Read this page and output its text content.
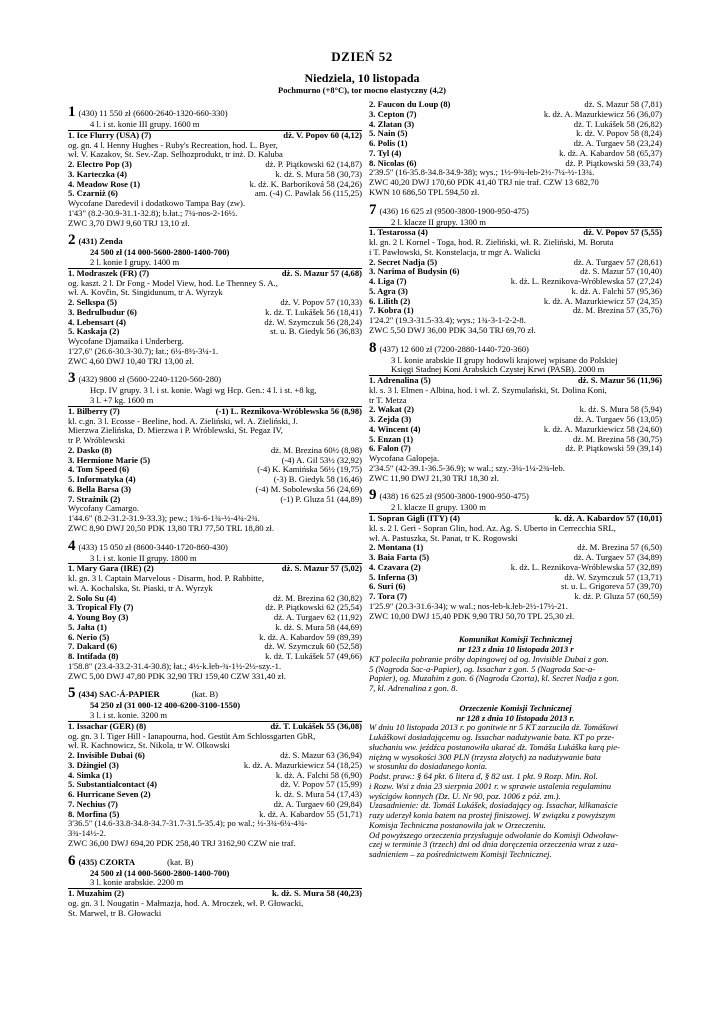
DZIEŃ 52
Niedziela, 10 listopada
Pochmurno (+8°C), tor mocno elastyczny (4,2)
1 (430) 11 550 zł (6600-2640-1320-660-330)
4 l. i st. konie III grupy. 1600 m
1. Ice Flurry (USA) (7)	dż. V. Popov 60 (4,12)
og. gn. 4 l. Henny Hughes - Ruby's Recreation, hod. L. Byer,
wł. V. Kazakov, St. Sev.-Zap. Selhozprodukt, tr inż. D. Kaluba
2. Electro Pop (3)	dż. P. Piątkowski 62 (14,87)
3. Karteczka (4)	k. dż. S. Mura 58 (30,73)
4. Meadow Rose (1)	k. dż. K. Barboriková 58 (24,26)
5. Czarniż (6)	am. (-4) C. Pawlak 56 (115,25)
Wycofane Daredevil i dodatkowo Tampa Bay (zw).
1'43" (8.2-30.9-31.1-32.8); b.łat.; 7¼-nos-2-16½.
ZWC 3,70 DWJ 9,60 TRJ 13,10 zł.
2 (431) Zenda
24 500 zł (14 000-5600-2800-1400-700)
2 l. konie I grupy. 1400 m
1. Modraszek (FR) (7)	dż. S. Mazur 57 (4,68)
og. kaszt. 2 l. Dr Fong - Model View, hod. Le Thenney S. A.,
wł. A. Kovčin, St. Singidunum, tr A. Wyrzyk
2. Selkspa (5)	dż. V. Popov 57 (10,33)
3. Bedrulbudur (6)	k. dż. T. Lukášek 56 (18,41)
4. Lebensart (4)	dż. W. Szymczuk 56 (28,24)
5. Kaskaja (2)	st. u. B. Giedyk 56 (36,83)
Wycofane Djamaika i Underberg.
1'27,6" (26.6-30.3-30.7); łat.; 6¼-8½-3¼-1.
ZWC 4,60 DWJ 10,40 TRJ 13,00 zł.
3 (432) 9800 zł (5600-2240-1120-560-280)
Hcp. IV grupy. 3 l. i st. konie. Wagi wg Hcp. Gen.: 4 l. i st. +8 kg,
3 l. +7 kg. 1600 m
1. Bilberry (7)	(-1) L. Reznikova-Wróblewska 56 (8,98)
kl. c.gn. 3 l. Ecosse - Beeline, hod. A. Zieliński, wł. A. Zieliński, J.
Mierzwa Zielińska, D. Mierzwa i P. Wróblewski, St. Pegaz IV,
tr P. Wróblewski
2. Dasko (8)	dż. M. Brezina 60½ (8,98)
3. Hermione Marie (5)	(-4) A. Gil 53½ (32,92)
4. Tom Speed (6)	(-4) K. Kamińska 56½ (19,75)
5. Informatyka (4)	(-3) B. Giedyk 58 (16,46)
6. Bella Barsa (3)	(-4) M. Sobolewska 56 (24,69)
7. Strażnik (2)	(-1) P. Gluza 51 (44,89)
Wycofany Camargo.
1'44.6" (8.2-31.2-31.9-33.3); pew.; 1¾-6-1¾-½-4¾-2¾.
ZWC 8,90 DWJ 20,50 PDK 13,80 TRJ 77,50 TRL 18,80 zł.
4 (433) 15 050 zł (8600-3440-1720-860-430)
3 l. i st. konie II grupy. 1800 m
1. Mary Gara (IRE) (2)	dż. S. Mazur 57 (5,02)
kl. gn. 3 l. Captain Marvelous - Disarm, hod. P. Rabbitte,
wł. A. Kochalska, St. Piaski, tr A. Wyrzyk
2. Solo Su (4)	dż. M. Brezina 62 (30,82)
3. Tropical Fly (7)	dż. P. Piątkowski 62 (25,54)
4. Young Boy (3)	dż. A. Turgaev 62 (11,92)
5. Jałta (1)	k. dż. S. Mura 58 (44,69)
6. Nerio (5)	k. dż. A. Kabardov 59 (89,39)
7. Dakard (6)	dż. W. Szymczuk 60 (52,58)
8. Intifada (8)	k. dż. T. Lukášek 57 (49,66)
1'58.8" (23.4-33.2-31.4-30.8); łat.; 4½-k.łeb-¾-1½-2½-szy.-1.
ZWC 5,00 DWJ 47,80 PDK 32,90 TRJ 159,40 CZW 331,40 zł.
5 (434) SAC-Á-PAPIER	(kat. B)
54 250 zł (31 000-12 400-6200-3100-1550)
3 l. i st. konie. 3200 m
1. Issachar (GER) (8)	dż. T. Lukášek 55 (36,08)
og. gn. 3 l. Tiger Hill - Ianapourna, hod. Gestüt Am Schlossgarten GbR,
wł. R. Kachnowicz, St. Nikola, tr W. Olkowski
2. Invisible Dubai (6)	dż. S. Mazur 63 (36,94)
3. Dżingiel (3)	k. dż. A. Mazurkiewicz 54 (18,25)
4. Simka (1)	k. dż. A. Falchi 58 (6,90)
5. Substantialcontact (4)	dż. V. Popov 57 (15,99)
6. Hurricane Seven (2)	k. dż. S. Mura 54 (17,43)
7. Nechius (7)	dż. A. Turgaev 60 (29,84)
8. Morfina (5)	k. dż. A. Kabardov 55 (51,71)
3'36.5" (14.6-33.8-34.8-34.7-31.7-31.5-35.4); po wal.; ½-3¾-6¼-4¾-
3¾-14½-2.
ZWC 36,00 DWJ 694,20 PDK 258,40 TRJ 3162,90 CZW nie traf.
6 (435) CZORTA	(kat. B)
24 500 zł (14 000-5600-2800-1400-700)
3 l. konie arabskie. 2200 m
1. Muzahim (2)	k. dż. S. Mura 58 (40,23)
og. gn. 3 l. Nougatin - Małmazja, hod. A. Mroczek, wł. P. Głowacki,
St. Marwel, tr B. Głowacki
2. Faucon du Loup (8)	dż. S. Mazur 58 (7,81)
3. Cepton (7)	k. dż. A. Mazurkiewicz 56 (36,07)
4. Zlatan (3)	dż. T. Lukášek 58 (26,82)
5. Nain (5)	k. dż. V. Popov 58 (8,24)
6. Polis (1)	dż. A. Turgaev 58 (23,24)
7. Tyl (4)	k. dż. A. Kabardov 58 (65,37)
8. Nicolas (6)	dż. P. Piątkowski 59 (33,74)
2'39.5" (16-35.8-34.8-34.9-38); wys.; 1½-9¾-łeb-2½-7¼-½-13¾.
ZWC 40,20 DWJ 170,60 PDK 41,40 TRJ nie traf. CZW 13 682,70
KWN 10 686,50 TPL 594,50 zł.
7 (436) 16 625 zł (9500-3800-1900-950-475)
2 l. klacze II grupy. 1300 m
1. Testarossa (4)	dż. V. Popov 57 (5,55)
kl. gn. 2 l. Kornel - Toga, hod. R. Zieliński, wł. R. Zieliński, M. Boruta
i T. Pawłowski, St. Konstelacja, tr mgr A. Walicki
2. Secret Nadja (5)	dż. A. Turgaev 57 (28,61)
3. Narima of Budysin (6)	dż. S. Mazur 57 (10,40)
4. Liga (7)	k. dż. L. Reznikova-Wróblewska 57 (27,24)
5. Agra (3)	k. dż. A. Falchi 57 (95,36)
6. Lilith (2)	k. dż. A. Mazurkiewicz 57 (24,35)
7. Kobra (1)	dż. M. Brezina 57 (35,76)
1'24.2" (19.3-31.5-33.4); wys.; 1¾-3-1-2-2-8.
ZWC 5,50 DWJ 36,00 PDK 34,50 TRJ 69,70 zł.
8 (437) 12 600 zł (7200-2880-1440-720-360)
3 l. konie arabskie II grupy hodowli krajowej wpisane do Polskiej
Księgi Stadnej Koni Arabskich Czystej Krwi (PASB). 2000 m
1. Adrenalina (5)	dż. S. Mazur 56 (11,96)
kl. s. 3 l. Elmen - Albina, hod. i wł. Z. Szymulański, St. Dolina Koni,
tr T. Metza
2. Wakat (2)	k. dż. S. Mura 58 (5,94)
3. Zejda (3)	dż. A. Turgaev 56 (13,05)
4. Wincent (4)	k. dż. A. Mazurkiewicz 58 (24,60)
5. Enzan (1)	dż. M. Brezina 58 (30,75)
6. Falon (7)	dż. P. Piątkowski 59 (39,14)
Wycofana Galopeja.
2'34.5" (42-39.1-36.5-36.9); w wal.; szy.-3¼-1¼-2¾-łeb.
ZWC 11,90 DWJ 21,30 TRJ 18,30 zł.
9 (438) 16 625 zł (9500-3800-1900-950-475)
2 l. klacze II grupy. 1300 m
1. Sopran Gigli (ITY) (4)	k. dż. A. Kabardov 57 (10,01)
kl. s. 2 l. Geri - Sopran Glin, hod. Az. Ag. S. Uberto in Cerrecchia SRL,
wł. A. Pastuszka, St. Panat, tr K. Rogowski
2. Montana (1)	dż. M. Brezina 57 (6,50)
3. Baia Farta (5)	dż. A. Turgaev 57 (34,89)
4. Czavara (2)	k. dż. L. Reznikova-Wróblewska 57 (32,89)
5. Inferna (3)	dż. W. Szymczuk 57 (13,71)
6. Suri (6)	st. u. L. Grigoreva 57 (39,70)
7. Tora (7)	k. dż. P. Gluza 57 (60,59)
1'25.9" (20.3-31.6-34); w wal.; nos-łeb-k.łeb-2½-17½-21.
ZWC 10,00 DWJ 15,40 PDK 9,90 TRJ 50,70 TPL 25,30 zł.
Komunikat Komisji Technicznej
nr 123 z dnia 10 listopada 2013 r
KT poleciła pobranie próby dopingowej od og. Invisible Dubai z gon.
5 (Nagroda Sac-a-Papier), og. Issachar z gon. 5 (Nagroda Sac-a-
Papier), og. Muzahim z gon. 6 (Nagroda Czorta), kl. Secret Nadja z gon.
7, kl. Adrenalina z gon. 8.
Orzeczenie Komisji Technicznej
nr 128 z dnia 10 listopada 2013 r.
W dniu 10 listopada 2013 r. po gonitwie nr 5 KT zarzuciła dż. Tomášowi
Lukáškowi dosiadającemu og. Issachar nadużywanie bata. KT po prze-
słuchaniu ww. jeźdźca postanowiła ukarać dż. Tomáša Lukáška karą pie-
niężną w wysokości 300 PLN (trzysta złotych) za nadużywanie bata
w stosunku do dosiadanego konia.
Podst. praw.: § 64 pkt. 6 litera d, § 82 ust. 1 pkt. 9 Rozp. Min. Rol.
i Rozw. Wsi z dnia 23 sierpnia 2001 r. w sprawie ustalenia regulaminu
wyścigów konnych (Dz. U. Nr 90, poz. 1006 z póź. zm.).
Uzasadnienie: dż. Tomáš Lukášek, dosiadający og. Issachar, kilkanaście
razy uderzył konia batem na prostej finiszowej. W związku z powyższym
Komisja Techniczna postanowiła jak w Orzeczeniu.
Od powyższego orzeczenia przysługuje odwołanie do Komisji Odwoław-
czej w terminie 3 (trzech) dni od dnia doręczenia orzeczenia wraz z uza-
sadnieniem – za pośrednictwem Komisji Technicznej.
